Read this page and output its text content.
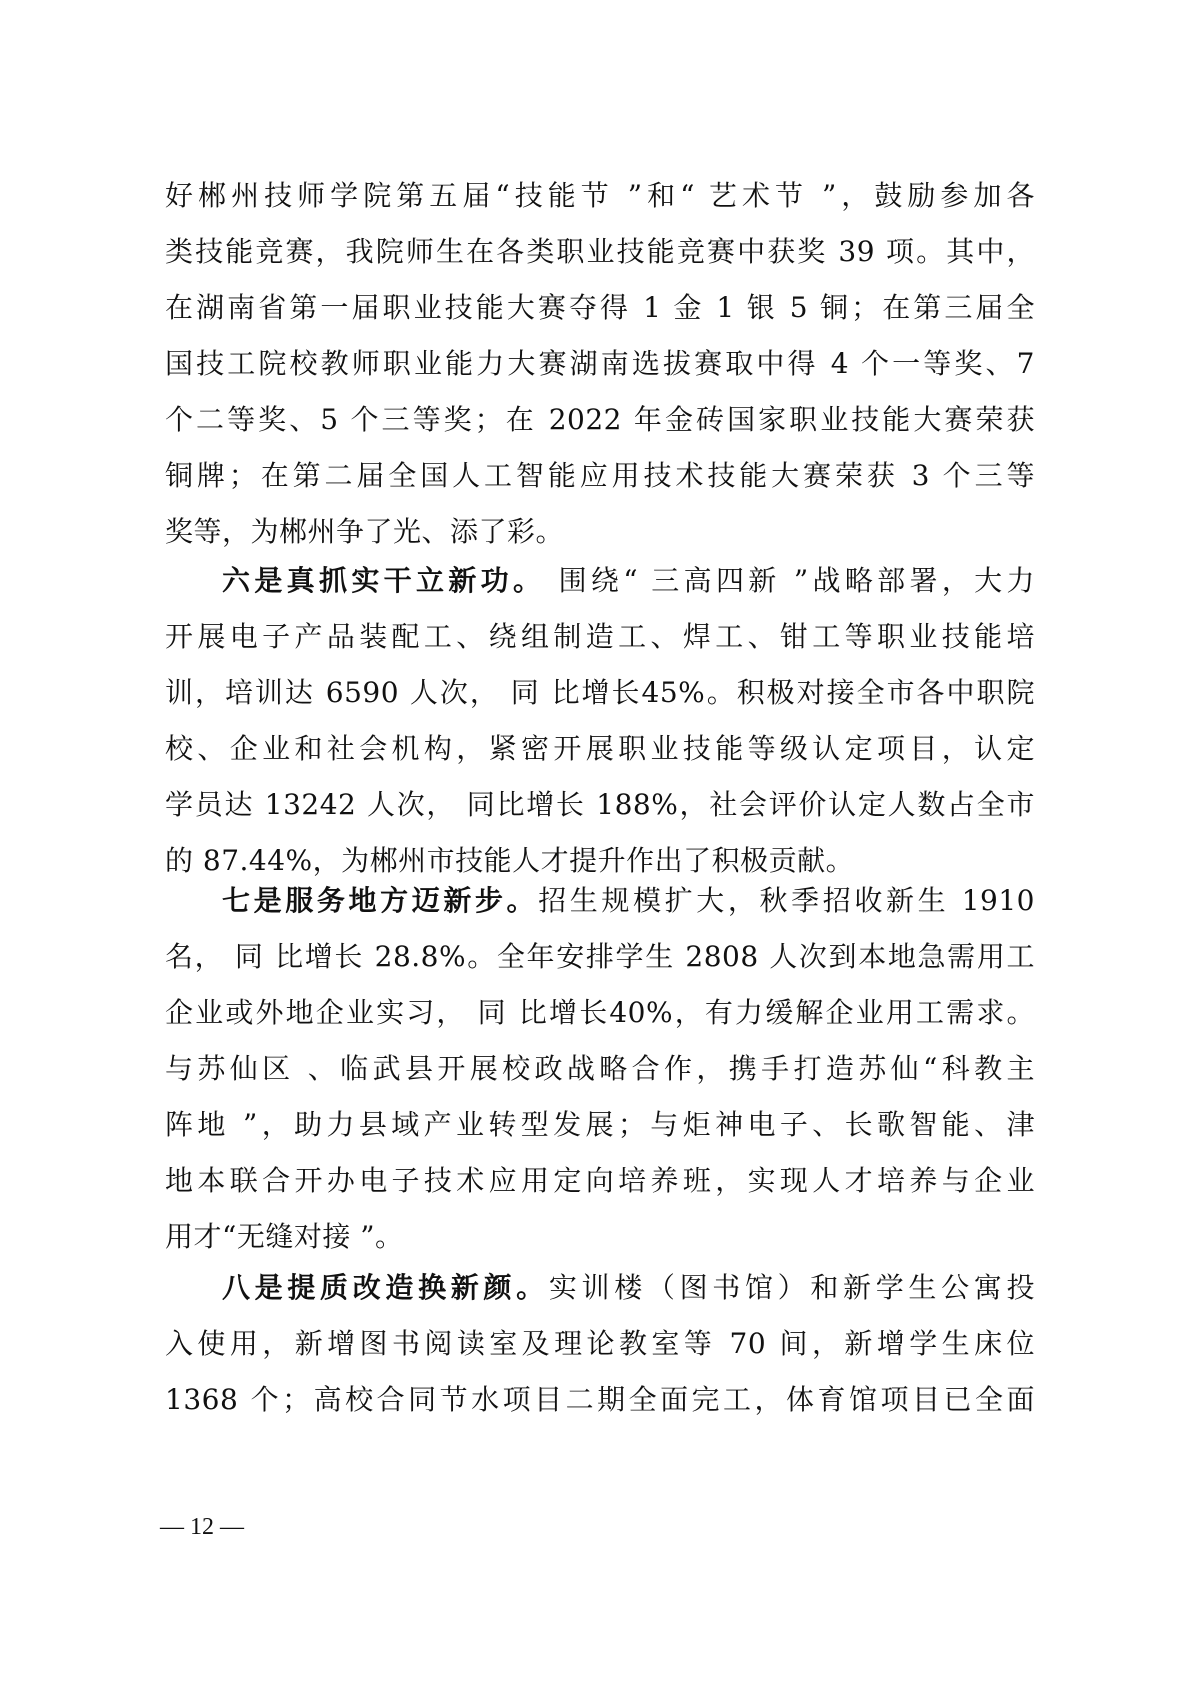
好郴州技师学院第五届“技能节 ”和“ 艺术节 ”，鼓励参加各
类技能竞赛，我院师生在各类职业技能竞赛中获奖 39 项。其中，
在湖南省第一届职业技能大赛夺得 1 金 1 银 5 铜；在第三届全
国技工院校教师职业能力大赛湖南选拔赛取中得 4 个一等奖、7
个二等奖、5 个三等奖；在 2022 年金砖国家职业技能大赛荣获
铜牌；在第二届全国人工智能应用技术技能大赛荣获 3 个三等
奖等，为郴州争了光、添了彩。
六是真抓实干立新功。 围绕“ 三高四新 ”战略部署，大力
开展电子产品装配工、绕组制造工、焊工、钳工等职业技能培
训，培训达 6590 人次， 同 比增长45%。积极对接全市各中职院
校、企业和社会机构，紧密开展职业技能等级认定项目，认定
学员达 13242 人次， 同比增长 188%，社会评价认定人数占全市
的 87.44%，为郴州市技能人才提升作出了积极贡献。
七是服务地方迈新步。招生规模扩大，秋季招收新生 1910
名， 同 比增长 28.8%。全年安排学生 2808 人次到本地急需用工
企业或外地企业实习， 同 比增长40%，有力缓解企业用工需求。
与苏仙区 、临武县开展校政战略合作，携手打造苏仙“科教主
阵地 ”，助力县域产业转型发展；与炬神电子、长歌智能、津
地本联合开办电子技术应用定向培养班，实现人才培养与企业
用才“无缝对接 ”。
八是提质改造换新颜。实训楼（图书馆）和新学生公寓投
入使用，新增图书阅读室及理论教室等 70 间，新增学生床位
1368 个；高校合同节水项目二期全面完工，体育馆项目已全面
— 12 —
